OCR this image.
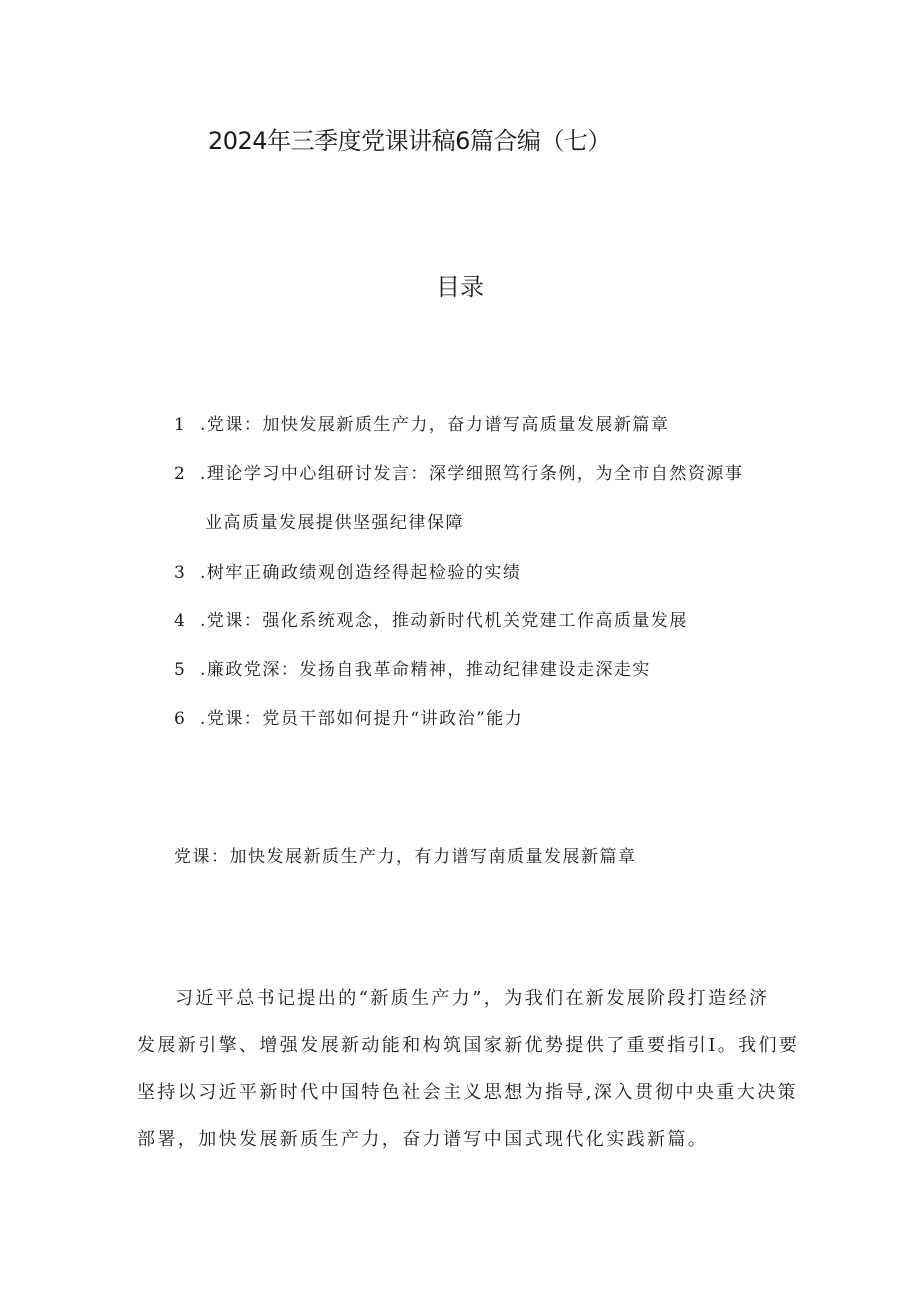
2024年三季度党课讲稿6篇合编（七）
目录
1 .党课：加快发展新质生产力，奋力谱写高质量发展新篇章
2 .理论学习中心组研讨发言：深学细照笃行条例，为全市自然资源事
业高质量发展提供坚强纪律保障
3 .树牢正确政绩观创造经得起检验的实绩
4 .党课：强化系统观念，推动新时代机关党建工作高质量发展
5 .廉政党深：发扬自我革命精神，推动纪律建设走深走实
6 .党课：党员干部如何提升“讲政治”能力
党课：加快发展新质生产力，有力谱写南质量发展新篇章
习近平总书记提出的“新质生产力”，为我们在新发展阶段打造经济
发展新引擎、增强发展新动能和构筑国家新优势提供了重要指引I。我们要
坚持以习近平新时代中国特色社会主义思想为指导,深入贯彻中央重大决策
部署，加快发展新质生产力，奋力谱写中国式现代化实践新篇。
